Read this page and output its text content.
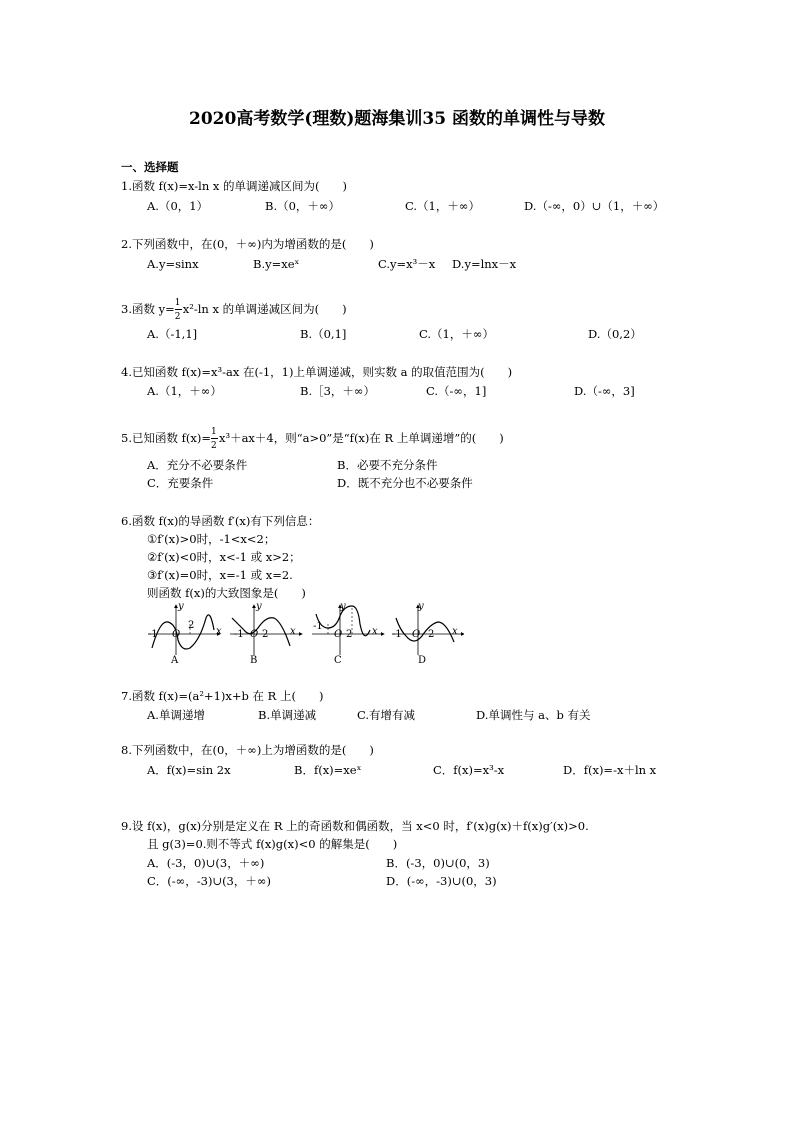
2020高考数学(理数)题海集训35 函数的单调性与导数
一、选择题
1.函数 f(x)=x-ln x 的单调递减区间为(　　)
A.（0，1）	B.（0，＋∞）	C.（1，＋∞）	D.（-∞，0）∪（1，＋∞）
2.下列函数中，在(0，＋∞)内为增函数的是(　　)
A.y=sinx	B.y=xeˣ	C.y=x³－x D.y=lnx－x
3.函数 $y= \frac{1}{2} x^2-\ln$ x 的单调递减区间为(　　)
A.（-1,1]	B.（0,1]	C.（1，＋∞）	D.（0,2）
4.已知函数 f(x)=x³-ax 在(-1，1)上单调递减，则实数 a 的取值范围为(　　)
A.（1，＋∞）	B.［3，＋∞）	C.（-∞，1]	D.（-∞，3]
5.已知函数 $f(x)= \frac{1}{2} x^3+ax+4$，则“a>0”是“f(x)在 R 上单调递增”的(　　)
A．充分不必要条件	B．必要不充分条件
C．充要条件	D．既不充分也不必要条件
6.函数 f(x)的导函数 f′(x)有下列信息：
①f′(x)>0时，-1<x<2；
②f′(x)<0时，x<-1 或 x>2；
③f′(x)=0时，x=-1 或 x=2.
则函数 f(x)的大致图象是(　　)
y
-1 O
2
x
y
-1 O 2 x
y
-1
O 2 x
y
-1 O 2 x
A	B	C	D
7.函数 f(x)=(a²+1)x+b 在 R 上(　　)
A.单调递增	B.单调递减	C.有增有减	D.单调性与 a、b 有关
8.下列函数中，在(0，＋∞)上为增函数的是(　　)
A．f(x)=sin 2x	B．f(x)=xeˣ	C．f(x)=x³-x	D．f(x)=-x＋ln x
9.设 f(x)，g(x)分别是定义在 R 上的奇函数和偶函数，当 x<0 时，f′(x)g(x)＋f(x)g′(x)>0.
且 g(3)=0.则不等式 f(x)g(x)<0 的解集是(　　)
A．(-3，0)∪(3，＋∞)	B．(-3，0)∪(0，3)
C．(-∞，-3)∪(3，＋∞)	D．(-∞，-3)∪(0，3)
